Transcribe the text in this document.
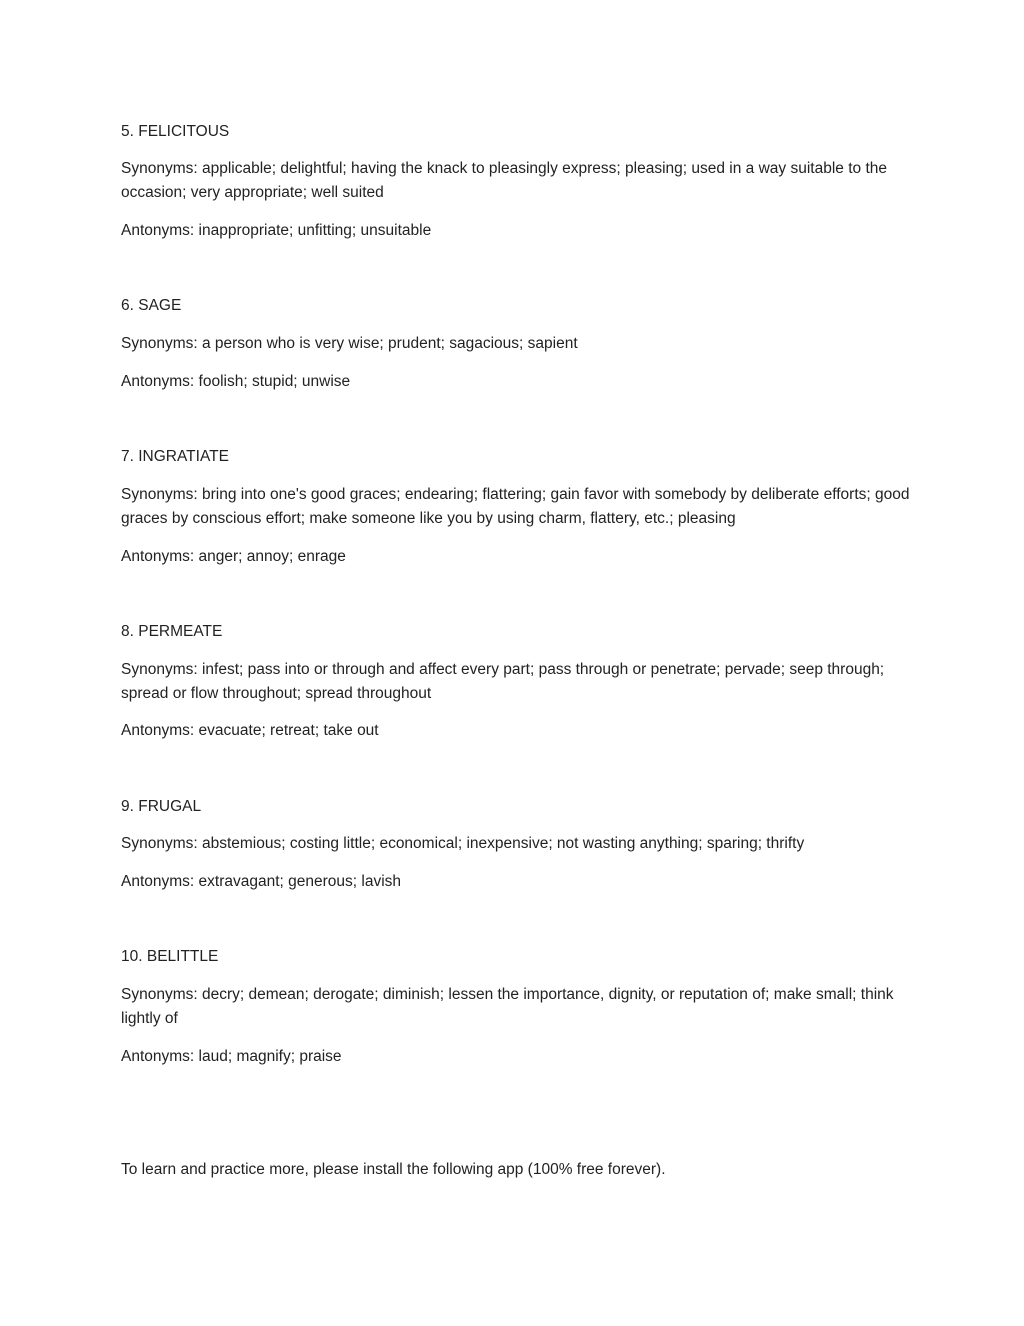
5. FELICITOUS
Synonyms: applicable; delightful; having the knack to pleasingly express; pleasing; used in a way suitable to the occasion; very appropriate; well suited
Antonyms: inappropriate; unfitting; unsuitable
6. SAGE
Synonyms: a person who is very wise; prudent; sagacious; sapient
Antonyms: foolish; stupid; unwise
7. INGRATIATE
Synonyms: bring into one's good graces; endearing; flattering; gain favor with somebody by deliberate efforts; good graces by conscious effort; make someone like you by using charm, flattery, etc.; pleasing
Antonyms: anger; annoy; enrage
8. PERMEATE
Synonyms: infest; pass into or through and affect every part; pass through or penetrate; pervade; seep through; spread or flow throughout; spread throughout
Antonyms: evacuate; retreat; take out
9. FRUGAL
Synonyms: abstemious; costing little; economical; inexpensive; not wasting anything; sparing; thrifty
Antonyms: extravagant; generous; lavish
10. BELITTLE
Synonyms: decry; demean; derogate; diminish; lessen the importance, dignity, or reputation of; make small; think lightly of
Antonyms: laud; magnify; praise
To learn and practice more, please install the following app (100% free forever).
